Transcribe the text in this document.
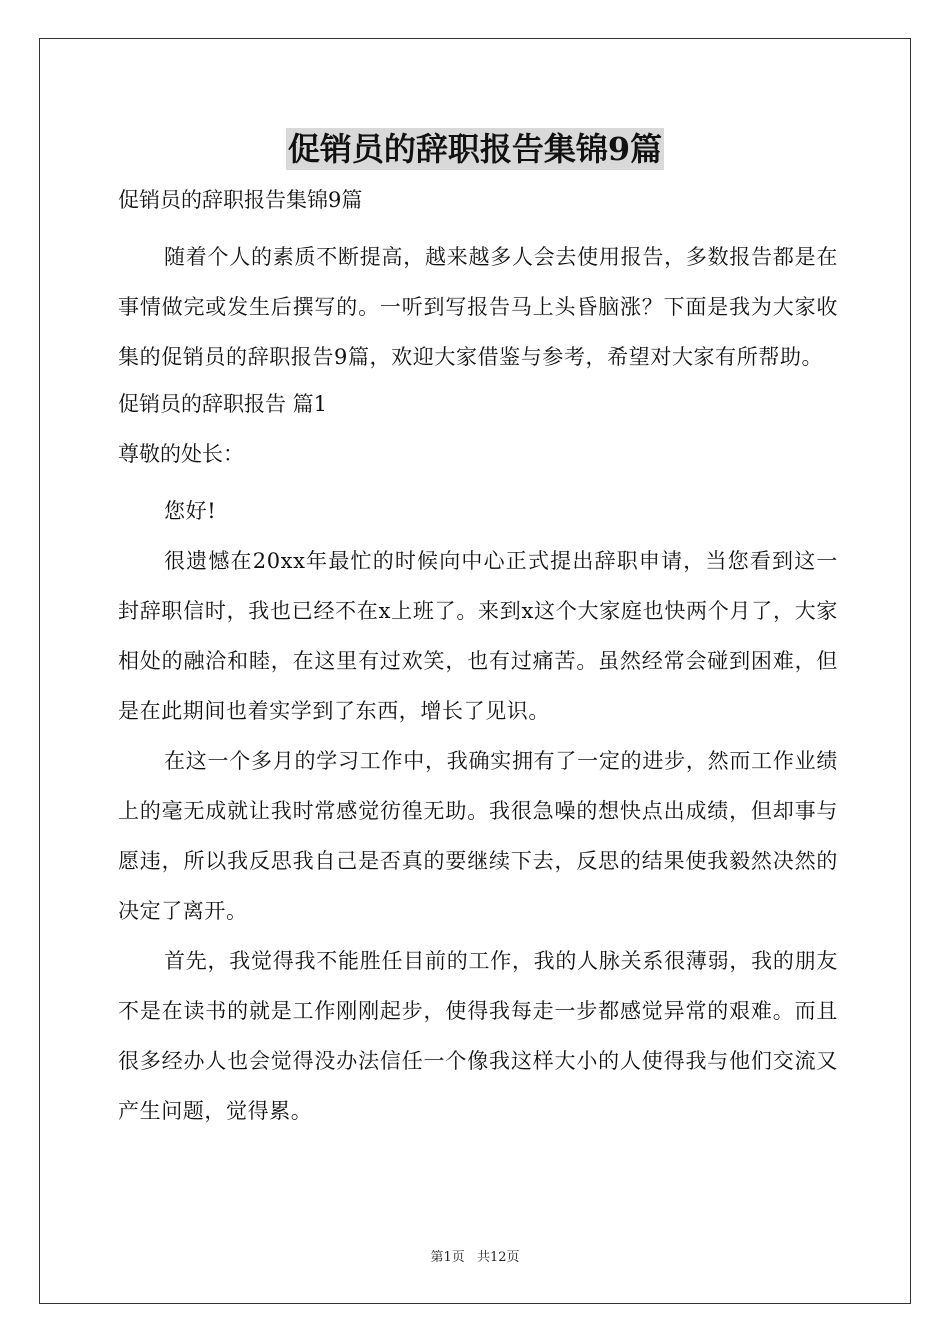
促销员的辞职报告集锦9篇

促销员的辞职报告集锦9篇

随着个人的素质不断提高，越来越多人会去使用报告，多数报告都是在事情做完或发生后撰写的。一听到写报告马上头昏脑涨？下面是我为大家收集的促销员的辞职报告9篇，欢迎大家借鉴与参考，希望对大家有所帮助。

促销员的辞职报告 篇1

尊敬的处长：

您好!

很遗憾在20xx年最忙的时候向中心正式提出辞职申请，当您看到这一封辞职信时，我也已经不在x上班了。来到x这个大家庭也快两个月了，大家相处的融洽和睦，在这里有过欢笑，也有过痛苦。虽然经常会碰到困难，但是在此期间也着实学到了东西，增长了见识。

在这一个多月的学习工作中，我确实拥有了一定的进步，然而工作业绩上的毫无成就让我时常感觉彷徨无助。我很急噪的想快点出成绩，但却事与愿违，所以我反思我自己是否真的要继续下去，反思的结果使我毅然决然的决定了离开。

首先，我觉得我不能胜任目前的工作，我的人脉关系很薄弱，我的朋友不是在读书的就是工作刚刚起步，使得我每走一步都感觉异常的艰难。而且很多经办人也会觉得没办法信任一个像我这样大小的人使得我与他们交流又产生问题，觉得累。

第1页 共12页
